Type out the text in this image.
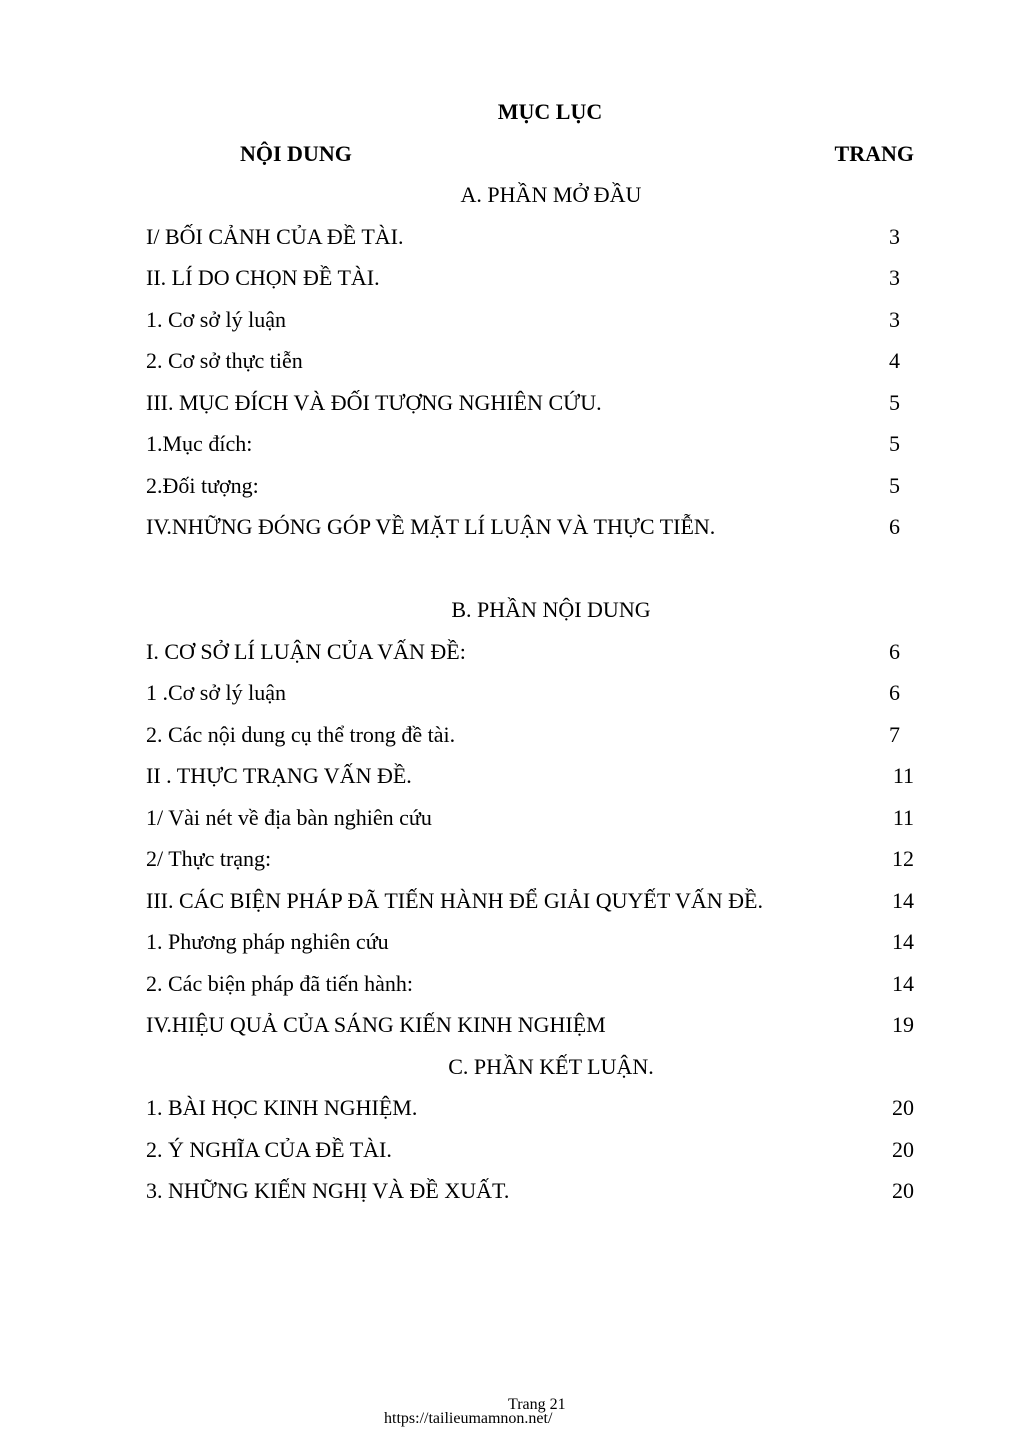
MỤC LỤC
NỘI DUNG	TRANG
A. PHẦN MỞ ĐẦU
I/ BỐI CẢNH CỦA ĐỀ TÀI.	3
II. LÍ DO CHỌN ĐỀ TÀI.	3
1. Cơ sở lý luận	3
2. Cơ sở thực tiễn	4
III. MỤC ĐÍCH VÀ ĐỐI TƯỢNG NGHIÊN CỨU.	5
1.Mục đích:	5
2.Đối tượng:	5
IV.NHỮNG ĐÓNG GÓP VỀ MẶT LÍ LUẬN VÀ THỰC TIỄN.	6
B. PHẦN NỘI DUNG
I. CƠ SỞ LÍ LUẬN CỦA VẤN ĐỀ:	6
1 .Cơ sở lý luận	6
2. Các nội dung cụ thể trong đề tài.	7
II . THỰC TRẠNG VẤN ĐỀ.	11
1/ Vài nét về địa bàn nghiên cứu	11
2/ Thực trạng:	12
III. CÁC BIỆN PHÁP ĐÃ TIẾN HÀNH ĐỂ GIẢI QUYẾT VẤN ĐỀ.	14
1. Phương pháp nghiên cứu	14
2. Các biện pháp đã tiến hành:	14
IV.HIỆU QUẢ CỦA SÁNG KIẾN KINH NGHIỆM	19
C. PHẦN KẾT LUẬN.
1. BÀI HỌC KINH NGHIỆM.	20
2. Ý NGHĨA CỦA ĐỀ TÀI.	20
3. NHỮNG KIẾN NGHỊ VÀ ĐỀ XUẤT.	20
Trang 21
https://tailieumamnon.net/
